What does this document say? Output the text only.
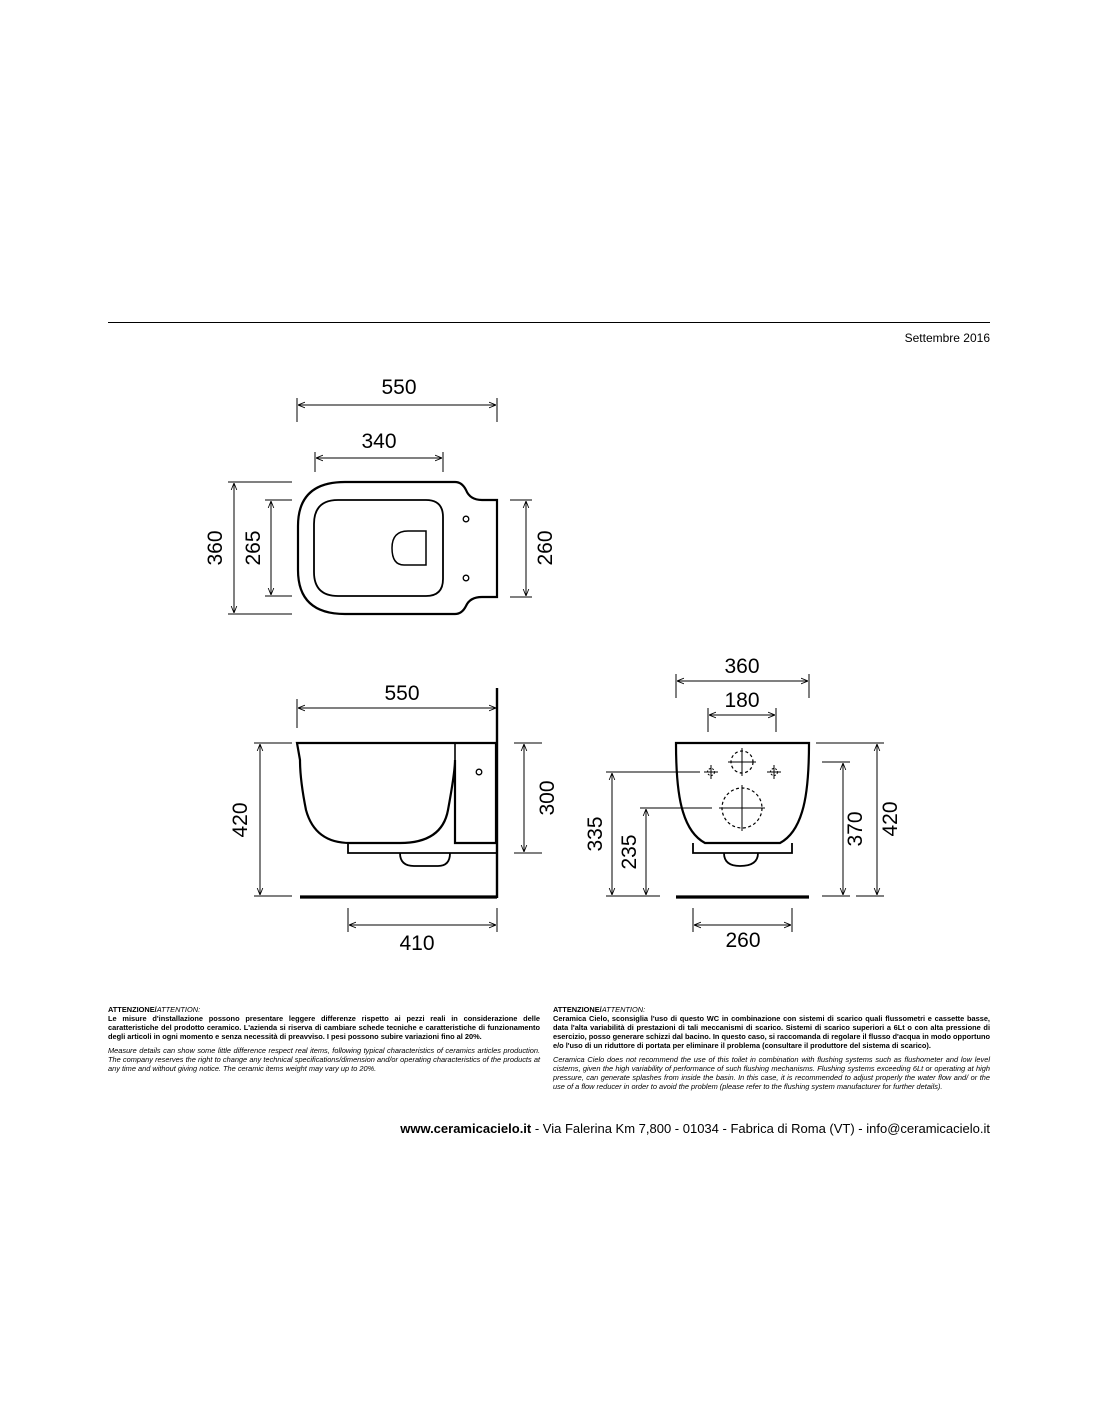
Settembre 2016
550
340
360 265	260
550
420
300
410
360
180
335
235
370 420
260
ATTENZIONE/ATTENTION:

Le misure d'installazione possono presentare leggere differenze rispetto ai pezzi reali in considerazione delle caratteristiche del prodotto ceramico. L'azienda si riserva di cambiare schede tecniche e caratteristiche di funzionamento degli articoli in ogni momento e senza necessità di preavviso. I pesi possono subire variazioni fino al 20%.

Measure details can show some little difference respect real items, following typical characteristics of ceramics articles production. The company reserves the right to change any technical specifications/dimension and/or operating characteristics of the products at any time and without giving notice. The ceramic items weight may vary up to 20%.

ATTENZIONE/ATTENTION:

Ceramica Cielo, sconsiglia l'uso di questo WC in combinazione con sistemi di scarico quali flussometri e cassette basse, data l'alta variabilità di prestazioni di tali meccanismi di scarico. Sistemi di scarico superiori a 6Lt o con alta pressione di esercizio, posso generare schizzi dal bacino. In questo caso, si raccomanda di regolare il flusso d'acqua in modo opportuno e/o l'uso di un riduttore di portata per eliminare il problema (consultare il produttore del sistema di scarico).

Ceramica Cielo does not recommend the use of this toilet in combination with flushing systems such as flushometer and low level cisterns, given the high variability of performance of such flushing mechanisms. Flushing systems exceeding 6Lt or operating at high pressure, can generate splashes from inside the basin. In this case, it is recommended to adjust properly the water flow and/ or the use of a flow reducer in order to avoid the problem (please refer to the flushing system manufacturer for further details).

www.ceramicacielo.it - Via Falerina Km 7,800 - 01034 - Fabrica di Roma (VT) - info@ceramicacielo.it
